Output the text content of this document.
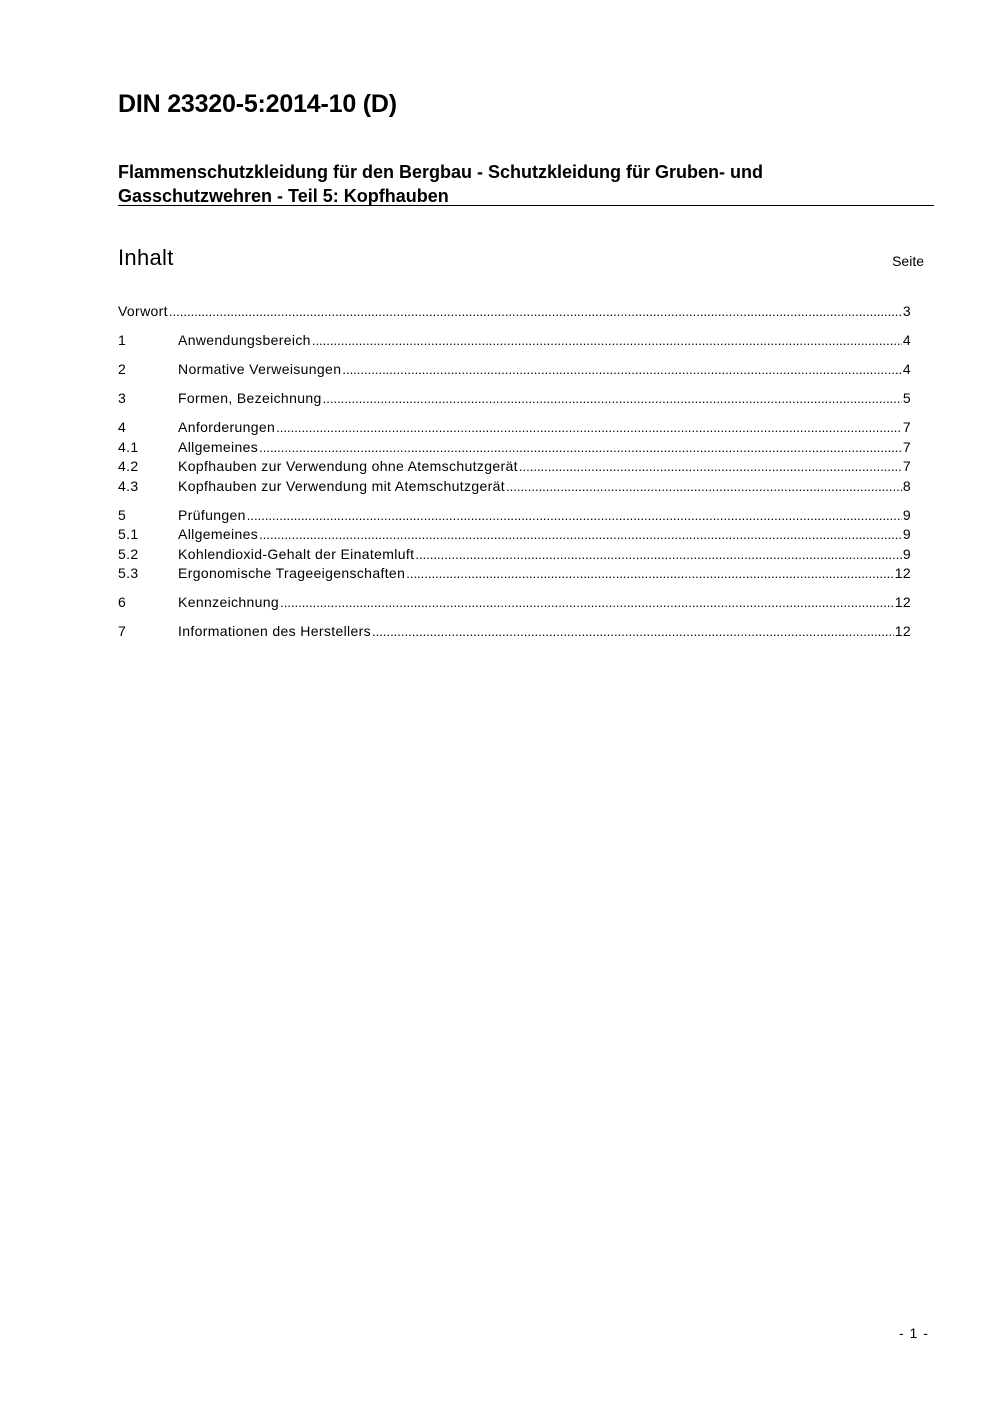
DIN 23320-5:2014-10 (D)
Flammenschutzkleidung für den Bergbau - Schutzkleidung für Gruben- und
Gasschutzwehren - Teil 5: Kopfhauben
Inhalt	Seite
Vorwort .....	3
1	Anwendungsbereich .....	4
2	Normative Verweisungen .....	4
3	Formen, Bezeichnung .....	5
4	Anforderungen .....	7
4.1	Allgemeines .....	7
4.2	Kopfhauben zur Verwendung ohne Atemschutzgerät .....	7
4.3	Kopfhauben zur Verwendung mit Atemschutzgerät .....	8
5	Prüfungen .....	9
5.1	Allgemeines .....	9
5.2	Kohlendioxid-Gehalt der Einatemluft .....	9
5.3	Ergonomische Trageeigenschaften .....	12
6	Kennzeichnung .....	12
7	Informationen des Herstellers .....	12
- 1 -
